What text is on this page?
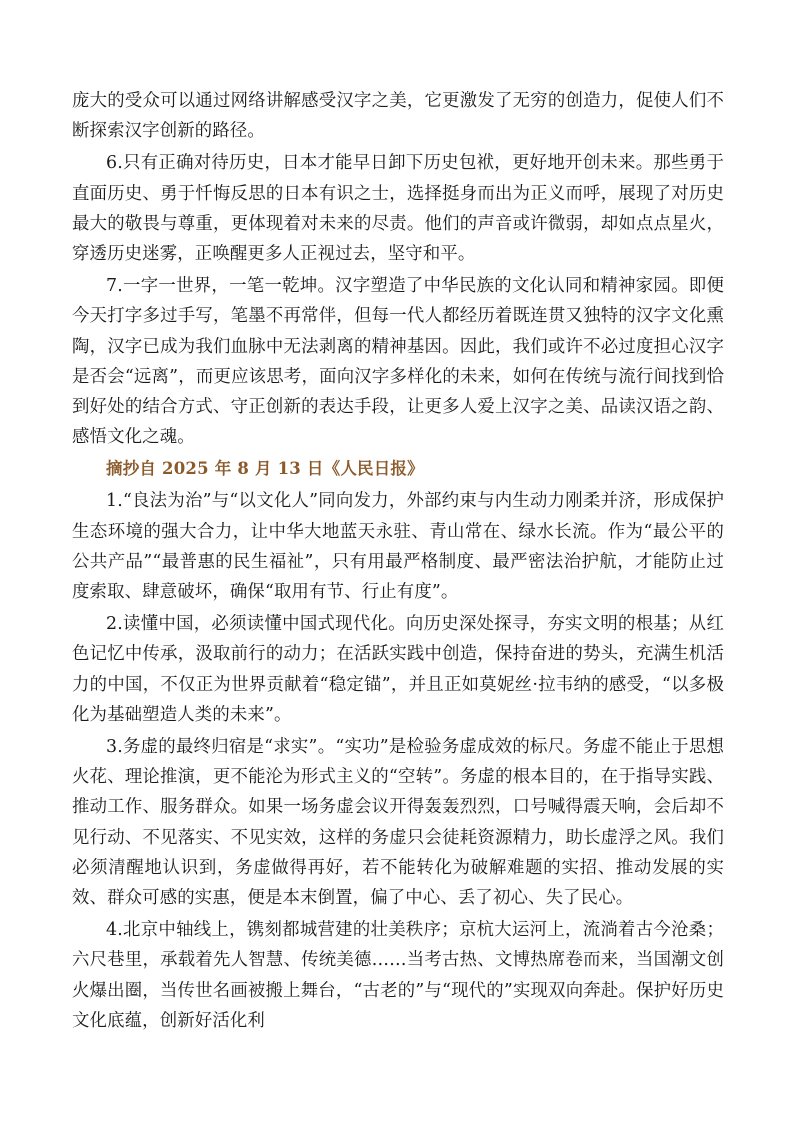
庞大的受众可以通过网络讲解感受汉字之美，它更激发了无穷的创造力，促使人们不断探索汉字创新的路径。

6.只有正确对待历史，日本才能早日卸下历史包袱，更好地开创未来。那些勇于直面历史、勇于忏悔反思的日本有识之士，选择挺身而出为正义而呼，展现了对历史最大的敬畏与尊重，更体现着对未来的尽责。他们的声音或许微弱，却如点点星火，穿透历史迷雾，正唤醒更多人正视过去，坚守和平。

7.一字一世界，一笔一乾坤。汉字塑造了中华民族的文化认同和精神家园。即便今天打字多过手写，笔墨不再常伴，但每一代人都经历着既连贯又独特的汉字文化熏陶，汉字已成为我们血脉中无法剥离的精神基因。因此，我们或许不必过度担心汉字是否会“远离”，而更应该思考，面向汉字多样化的未来，如何在传统与流行间找到恰到好处的结合方式、守正创新的表达手段，让更多人爱上汉字之美、品读汉语之韵、感悟文化之魂。

摘抄自 2025 年 8 月 13 日《人民日报》

1.“良法为治”与“以文化人”同向发力，外部约束与内生动力刚柔并济，形成保护生态环境的强大合力，让中华大地蓝天永驻、青山常在、绿水长流。作为“最公平的公共产品”“最普惠的民生福祉”，只有用最严格制度、最严密法治护航，才能防止过度索取、肆意破坏，确保“取用有节、行止有度”。

2.读懂中国，必须读懂中国式现代化。向历史深处探寻，夯实文明的根基；从红色记忆中传承，汲取前行的动力；在活跃实践中创造，保持奋进的势头，充满生机活力的中国，不仅正为世界贡献着“稳定锚”，并且正如莫妮丝·拉韦纳的感受，“以多极化为基础塑造人类的未来”。

3.务虚的最终归宿是“求实”。“实功”是检验务虚成效的标尺。务虚不能止于思想火花、理论推演，更不能沦为形式主义的“空转”。务虚的根本目的，在于指导实践、推动工作、服务群众。如果一场务虚会议开得轰轰烈烈，口号喊得震天响，会后却不见行动、不见落实、不见实效，这样的务虚只会徒耗资源精力，助长虚浮之风。我们必须清醒地认识到，务虚做得再好，若不能转化为破解难题的实招、推动发展的实效、群众可感的实惠，便是本末倒置，偏了中心、丢了初心、失了民心。

4.北京中轴线上，镌刻都城营建的壮美秩序；京杭大运河上，流淌着古今沧桑；六尺巷里，承载着先人智慧、传统美德……当考古热、文博热席卷而来，当国潮文创火爆出圈，当传世名画被搬上舞台，“古老的”与“现代的”实现双向奔赴。保护好历史文化底蕴，创新好活化利
